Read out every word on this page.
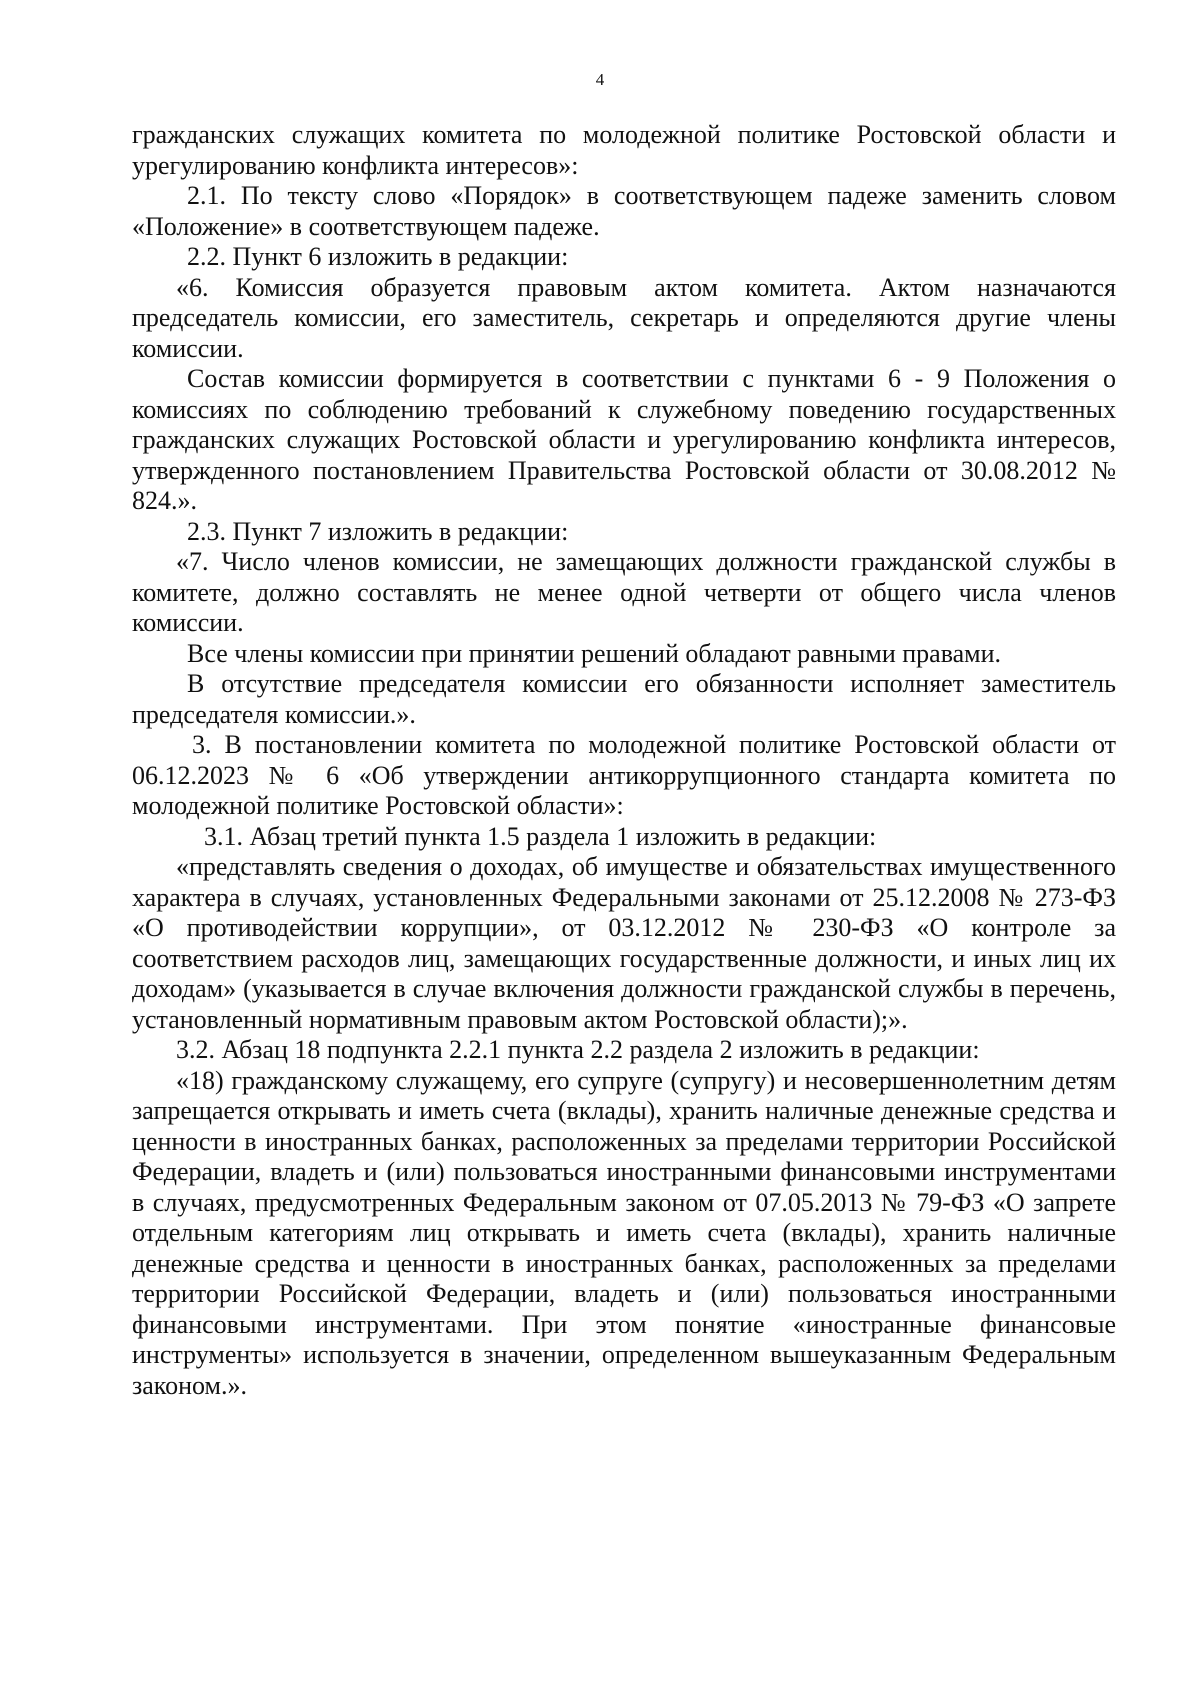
4

гражданских служащих комитета по молодежной политике Ростовской области и урегулированию конфликта интересов»:

2.1. По тексту слово «Порядок» в соответствующем падеже заменить словом «Положение» в соответствующем падеже.

2.2. Пункт 6 изложить в редакции:

«6. Комиссия образуется правовым актом комитета. Актом назначаются председатель комиссии, его заместитель, секретарь и определяются другие члены комиссии.

Состав комиссии формируется в соответствии с пунктами 6 - 9 Положения о комиссиях по соблюдению требований к служебному поведению государственных гражданских служащих Ростовской области и урегулированию конфликта интересов, утвержденного постановлением Правительства Ростовской области от 30.08.2012 № 824.».

2.3. Пункт 7 изложить в редакции:

«7. Число членов комиссии, не замещающих должности гражданской службы в комитете, должно составлять не менее одной четверти от общего числа членов комиссии.

Все члены комиссии при принятии решений обладают равными правами.

В отсутствие председателя комиссии его обязанности исполняет заместитель председателя комиссии.».

3. В постановлении комитета по молодежной политике Ростовской области от 06.12.2023 № 6 «Об утверждении антикоррупционного стандарта комитета по молодежной политике Ростовской области»:

3.1. Абзац третий пункта 1.5 раздела 1 изложить в редакции:

«представлять сведения о доходах, об имуществе и обязательствах имущественного характера в случаях, установленных Федеральными законами от 25.12.2008 № 273-ФЗ «О противодействии коррупции», от 03.12.2012 № 230-ФЗ «О контроле за соответствием расходов лиц, замещающих государственные должности, и иных лиц их доходам» (указывается в случае включения должности гражданской службы в перечень, установленный нормативным правовым актом Ростовской области);».

3.2. Абзац 18 подпункта 2.2.1 пункта 2.2 раздела 2 изложить в редакции:

«18) гражданскому служащему, его супруге (супругу) и несовершеннолетним детям запрещается открывать и иметь счета (вклады), хранить наличные денежные средства и ценности в иностранных банках, расположенных за пределами территории Российской Федерации, владеть и (или) пользоваться иностранными финансовыми инструментами в случаях, предусмотренных Федеральным законом от 07.05.2013 № 79-ФЗ «О запрете отдельным категориям лиц открывать и иметь счета (вклады), хранить наличные денежные средства и ценности в иностранных банках, расположенных за пределами территории Российской Федерации, владеть и (или) пользоваться иностранными финансовыми инструментами. При этом понятие «иностранные финансовые инструменты» используется в значении, определенном вышеуказанным Федеральным законом.».
